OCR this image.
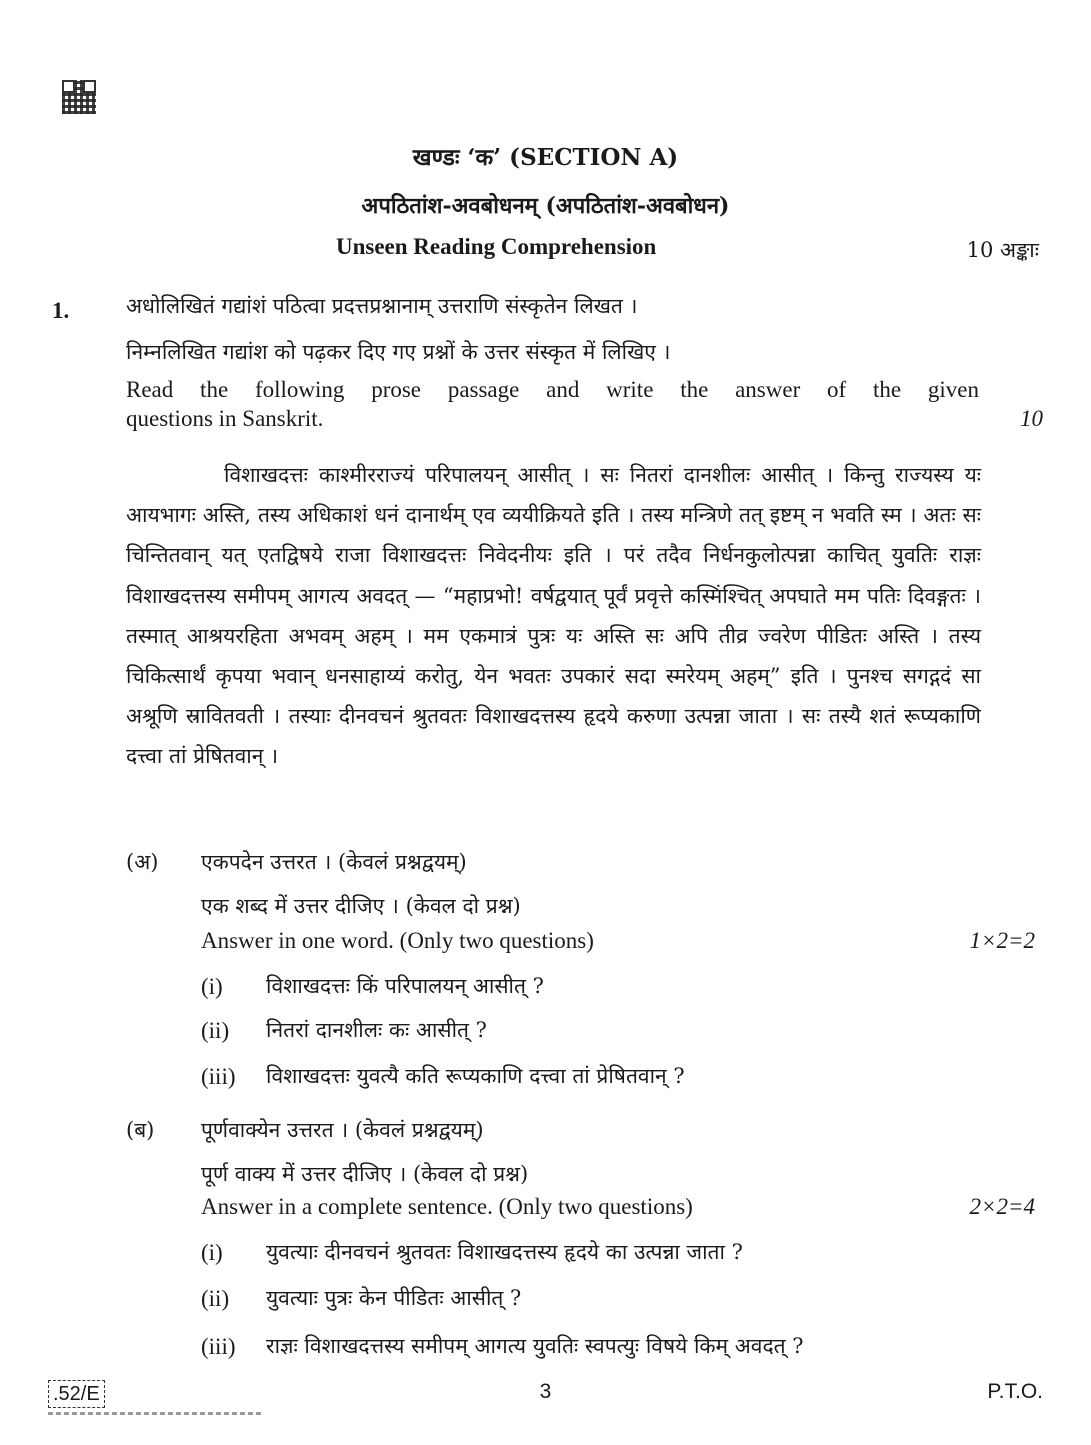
खण्डः ‘क’ (SECTION A)
अपठितांश-अवबोधनम् (अपठितांश-अवबोधन)
Unseen Reading Comprehension	10 अङ्काः
1.	अधोलिखितं गद्यांशं पठित्वा प्रदत्तप्रश्नानाम् उत्तराणि संस्कृतेन लिखत ।
निम्नलिखित गद्यांश को पढ़कर दिए गए प्रश्नों के उत्तर संस्कृत में लिखिए ।
Read the following prose passage and write the answer of the given
questions in Sanskrit.	10
विशाखदत्तः काश्मीरराज्यं परिपालयन् आसीत् । सः नितरां दानशीलः आसीत् । किन्तु राज्यस्य यः आयभागः अस्ति, तस्य अधिकाशं धनं दानार्थम् एव व्ययीक्रियते इति । तस्य मन्त्रिणे तत् इष्टम् न भवति स्म । अतः सः चिन्तितवान् यत् एतद्विषये राजा विशाखदत्तः निवेदनीयः इति । परं तदैव निर्धनकुलोत्पन्ना काचित् युवतिः राज्ञः विशाखदत्तस्य समीपम् आगत्य अवदत् — “महाप्रभो! वर्षद्वयात् पूर्वं प्रवृत्ते कस्मिंश्चित् अपघाते मम पतिः दिवङ्गतः । तस्मात् आश्रयरहिता अभवम् अहम् । मम एकमात्रं पुत्रः यः अस्ति सः अपि तीव्र ज्वरेण पीडितः अस्ति । तस्य चिकित्सार्थं कृपया भवान् धनसाहाय्यं करोतु, येन भवतः उपकारं सदा स्मरेयम् अहम्” इति । पुनश्च सगद्गदं सा अश्रूणि स्रावितवती । तस्याः दीनवचनं श्रुतवतः विशाखदत्तस्य हृदये करुणा उत्पन्ना जाता । सः तस्यै शतं रूप्यकाणि दत्त्वा तां प्रेषितवान् ।
(अ) एकपदेन उत्तरत । (केवलं प्रश्नद्वयम्)
एक शब्द में उत्तर दीजिए । (केवल दो प्रश्न)
Answer in one word. (Only two questions)	1×2=2
(i) विशाखदत्तः किं परिपालयन् आसीत् ?
(ii) नितरां दानशीलः कः आसीत् ?
(iii) विशाखदत्तः युवत्यै कति रूप्यकाणि दत्त्वा तां प्रेषितवान् ?
.52/E	3	P.T.O.
(ब) पूर्णवाक्येन उत्तरत । (केवलं प्रश्नद्वयम्)
पूर्ण वाक्य में उत्तर दीजिए । (केवल दो प्रश्न)
Answer in a complete sentence. (Only two questions)	2×2=4
(i) युवत्याः दीनवचनं श्रुतवतः विशाखदत्तस्य हृदये का उत्पन्ना जाता ?
(ii) युवत्याः पुत्रः केन पीडितः आसीत् ?
(iii) राज्ञः विशाखदत्तस्य समीपम् आगत्य युवतिः स्वपत्युः विषये किम् अवदत् ?
